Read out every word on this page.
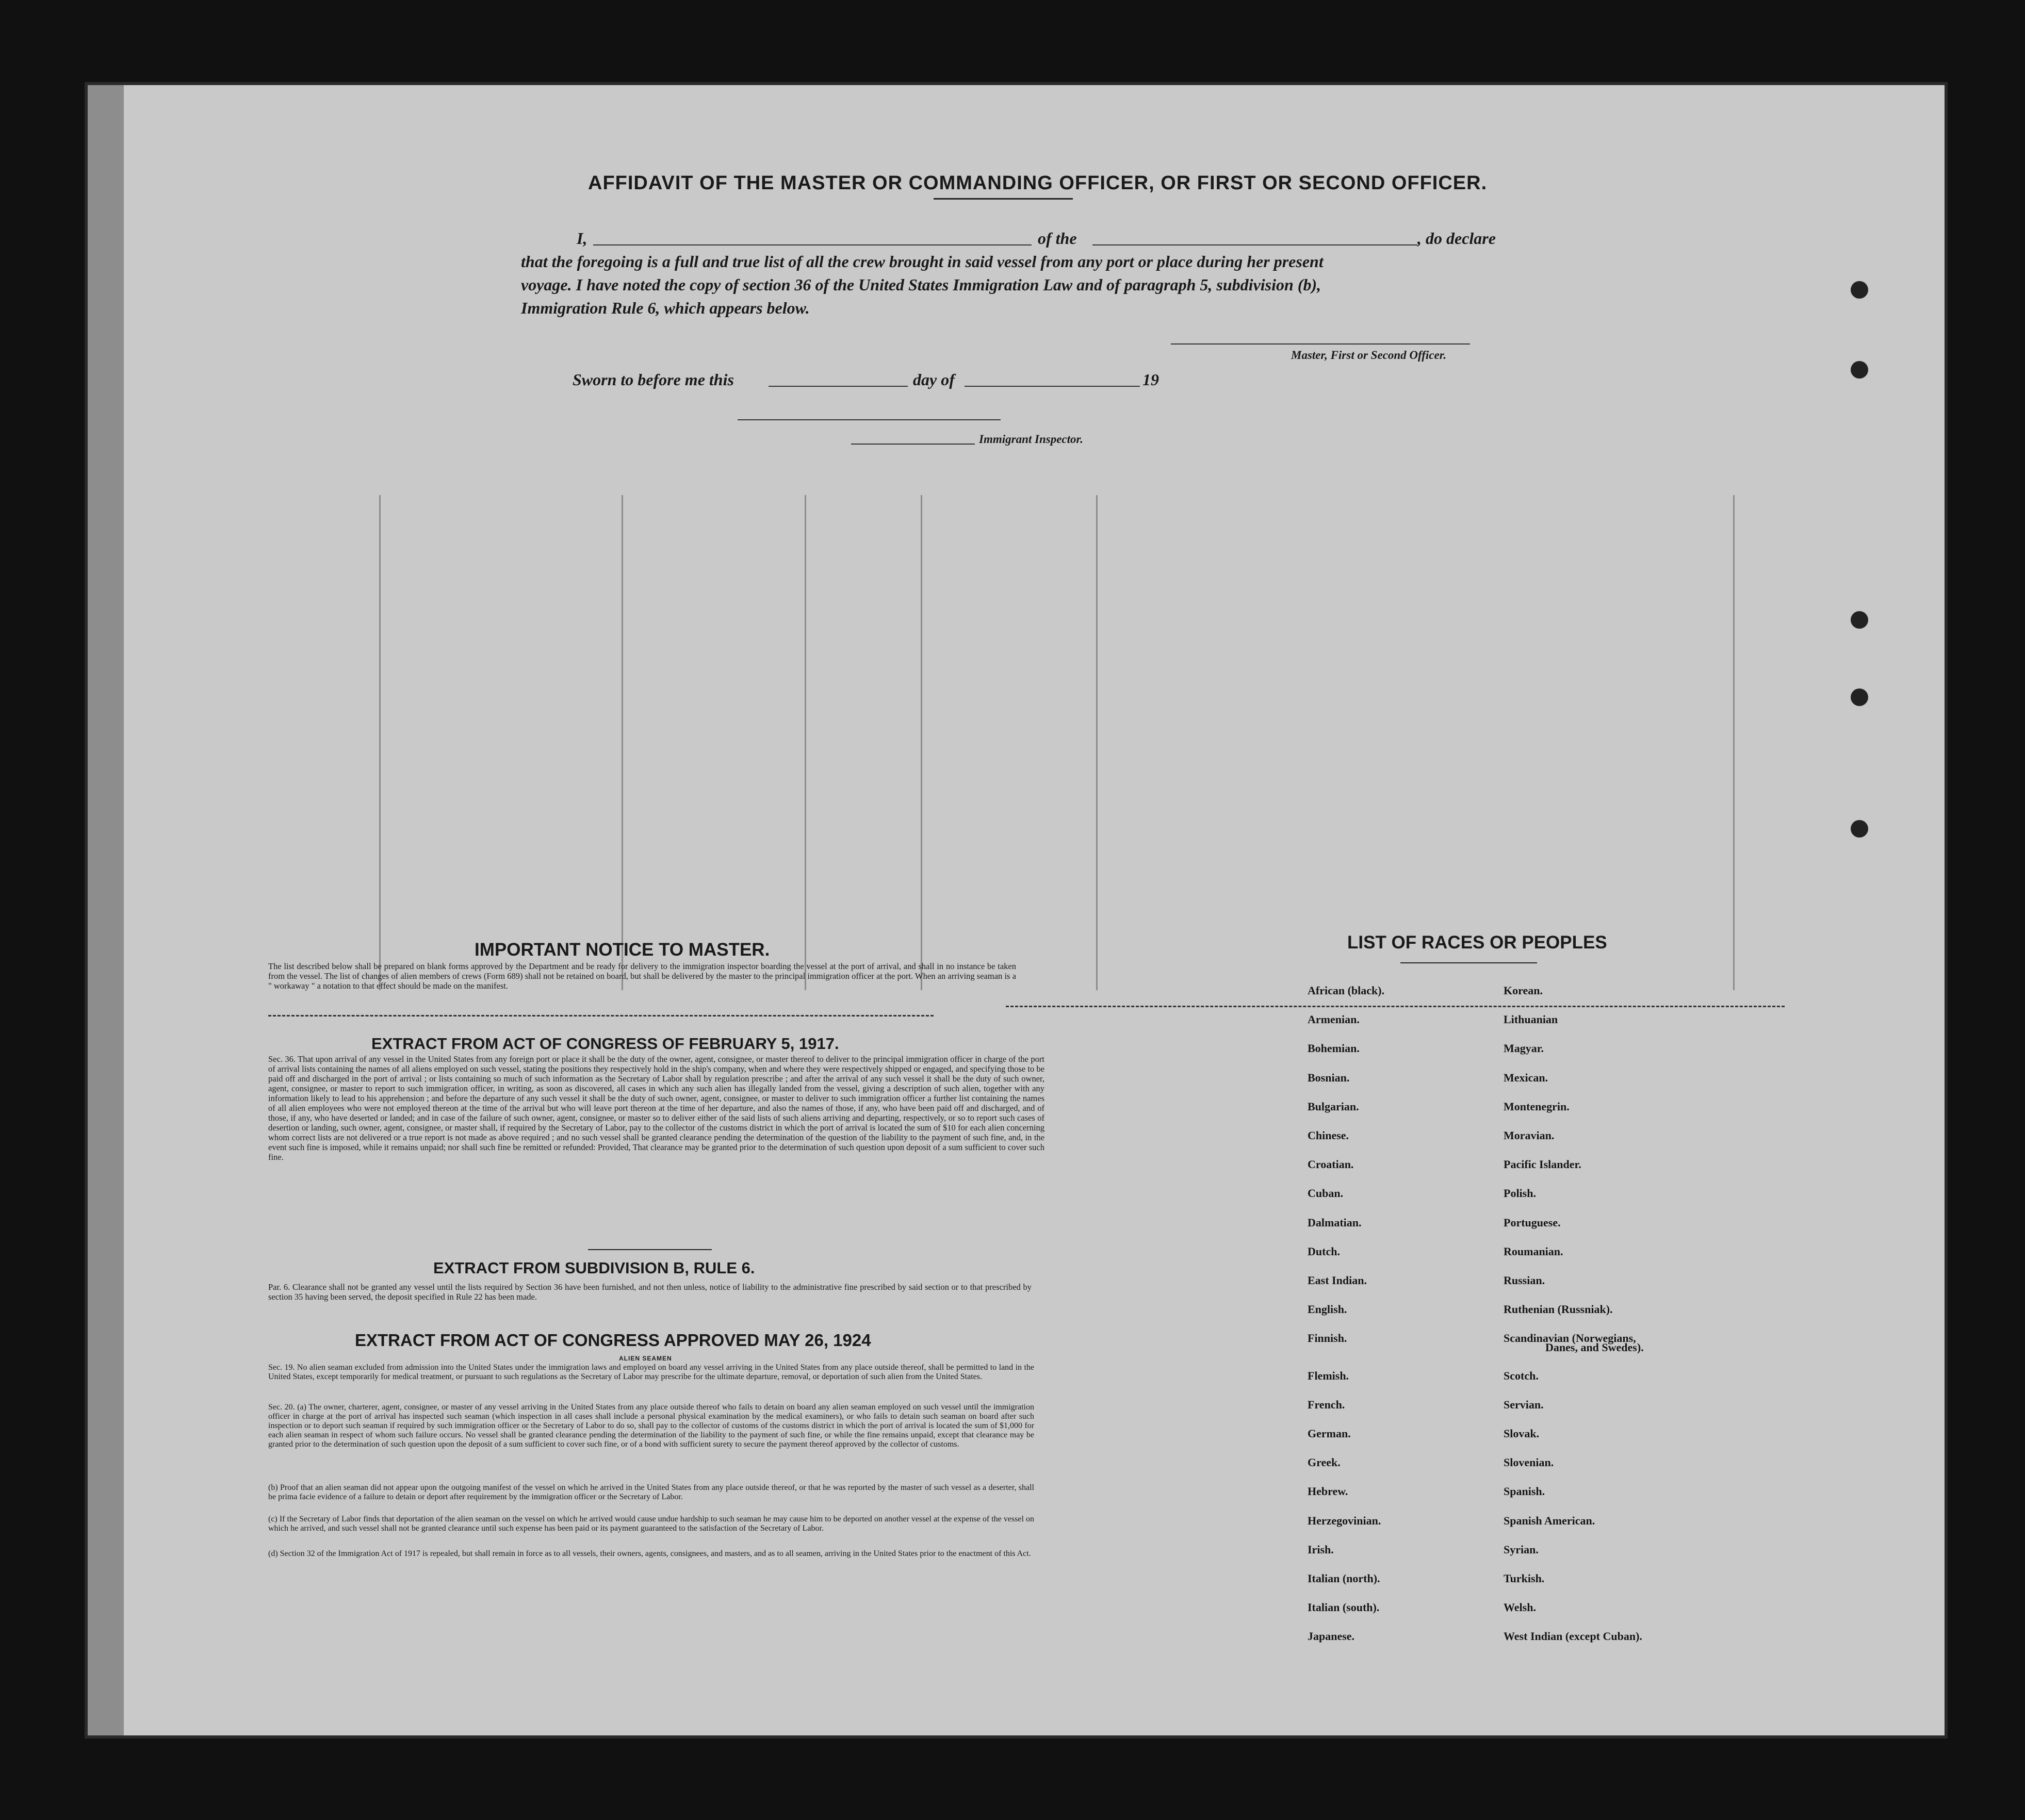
AFFIDAVIT OF THE MASTER OR COMMANDING OFFICER, OR FIRST OR SECOND OFFICER.
I,	of the	, do declare
that the foregoing is a full and true list of all the crew brought in said vessel from any port or place during her present
voyage. I have noted the copy of section 36 of the United States Immigration Law and of paragraph 5, subdivision (b),
Immigration Rule 6, which appears below.
Master, First or Second Officer.
Sworn to before me this	day of	19
Immigrant Inspector.
IMPORTANT NOTICE TO MASTER.
The list described below shall be prepared on blank forms approved by the Department and be ready for delivery to the immigration inspector boarding the vessel at the port of arrival, and shall in no instance be taken from the vessel. The list of changes of alien members of crews (Form 689) shall not be retained on board, but shall be delivered by the master to the principal immigration officer at the port. When an arriving seaman is a " workaway " a notation to that effect should be made on the manifest.
EXTRACT FROM ACT OF CONGRESS OF FEBRUARY 5, 1917.
Sec. 36. That upon arrival of any vessel in the United States from any foreign port or place it shall be the duty of the owner, agent, consignee, or master thereof to deliver to the principal immigration officer in charge of the port of arrival lists containing the names of all aliens employed on such vessel, stating the positions they respectively hold in the ship's company, when and where they were respectively shipped or engaged, and specifying those to be paid off and discharged in the port of arrival ; or lists containing so much of such information as the Secretary of Labor shall by regulation prescribe ; and after the arrival of any such vessel it shall be the duty of such owner, agent, consignee, or master to report to such immigration officer, in writing, as soon as discovered, all cases in which any such alien has illegally landed from the vessel, giving a description of such alien, together with any information likely to lead to his apprehension ; and before the departure of any such vessel it shall be the duty of such owner, agent, consignee, or master to deliver to such immigration officer a further list containing the names of all alien employees who were not employed thereon at the time of the arrival but who will leave port thereon at the time of her departure, and also the names of those, if any, who have been paid off and discharged, and of those, if any, who have deserted or landed; and in case of the failure of such owner, agent, consignee, or master so to deliver either of the said lists of such aliens arriving and departing, respectively, or so to report such cases of desertion or landing, such owner, agent, consignee, or master shall, if required by the Secretary of Labor, pay to the collector of the customs district in which the port of arrival is located the sum of $10 for each alien concerning whom correct lists are not delivered or a true report is not made as above required ; and no such vessel shall be granted clearance pending the determination of the question of the liability to the payment of such fine, and, in the event such fine is imposed, while it remains unpaid; nor shall such fine be remitted or refunded: Provided, That clearance may be granted prior to the determination of such question upon deposit of a sum sufficient to cover such fine.
EXTRACT FROM SUBDIVISION B, RULE 6.
Par. 6. Clearance shall not be granted any vessel until the lists required by Section 36 have been furnished, and not then unless, notice of liability to the administrative fine prescribed by said section or to that prescribed by section 35 having been served, the deposit specified in Rule 22 has been made.
EXTRACT FROM ACT OF CONGRESS APPROVED MAY 26, 1924
ALIEN SEAMEN
Sec. 19. No alien seaman excluded from admission into the United States under the immigration laws and employed on board any vessel arriving in the United States from any place outside thereof, shall be permitted to land in the United States, except temporarily for medical treatment, or pursuant to such regulations as the Secretary of Labor may prescribe for the ultimate departure, removal, or deportation of such alien from the United States.
Sec. 20. (a) The owner, charterer, agent, consignee, or master of any vessel arriving in the United States from any place outside thereof who fails to detain on board any alien seaman employed on such vessel until the immigration officer in charge at the port of arrival has inspected such seaman (which inspection in all cases shall include a personal physical examination by the medical examiners), or who fails to detain such seaman on board after such inspection or to deport such seaman if required by such immigration officer or the Secretary of Labor to do so, shall pay to the collector of customs of the customs district in which the port of arrival is located the sum of $1,000 for each alien seaman in respect of whom such failure occurs. No vessel shall be granted clearance pending the determination of the liability to the payment of such fine, or while the fine remains unpaid, except that clearance may be granted prior to the determination of such question upon the deposit of a sum sufficient to cover such fine, or of a bond with sufficient surety to secure the payment thereof approved by the collector of customs.
(b) Proof that an alien seaman did not appear upon the outgoing manifest of the vessel on which he arrived in the United States from any place outside thereof, or that he was reported by the master of such vessel as a deserter, shall be prima facie evidence of a failure to detain or deport after requirement by the immigration officer or the Secretary of Labor.
(c) If the Secretary of Labor finds that deportation of the alien seaman on the vessel on which he arrived would cause undue hardship to such seaman he may cause him to be deported on another vessel at the expense of the vessel on which he arrived, and such vessel shall not be granted clearance until such expense has been paid or its payment guaranteed to the satisfaction of the Secretary of Labor.
(d) Section 32 of the Immigration Act of 1917 is repealed, but shall remain in force as to all vessels, their owners, agents, consignees, and masters, and as to all seamen, arriving in the United States prior to the enactment of this Act.
LIST OF RACES OR PEOPLES
African (black).
Armenian.
Bohemian.
Bosnian.
Bulgarian.
Chinese.
Croatian.
Cuban.
Dalmatian.
Dutch.
East Indian.
English.
Finnish.
Flemish.
French.
German.
Greek.
Hebrew.
Herzegovinian.
Irish.
Italian (north).
Italian (south).
Japanese.
Korean.
Lithuanian
Magyar.
Mexican.
Montenegrin.
Moravian.
Pacific Islander.
Polish.
Portuguese.
Roumanian.
Russian.
Ruthenian (Russniak).
Scandinavian (Norwegians,
Scotch.
Servian.
Slovak.
Slovenian.
Spanish.
Spanish American.
Syrian.
Turkish.
Welsh.
West Indian (except Cuban).
Danes, and Swedes).
